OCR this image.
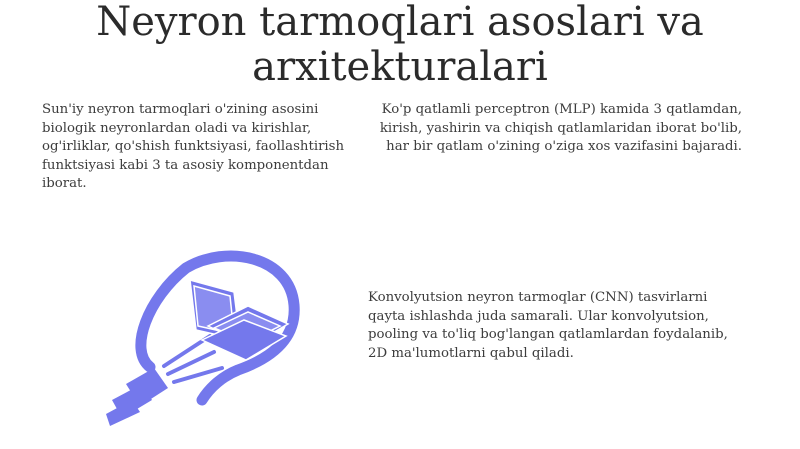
Neyron tarmoqlari asoslari va
arxitekturalari

Sun'iy neyron tarmoqlari o'zining asosini biologik neyronlardan oladi va kirishlar, og'irliklar, qo'shish funktsiyasi, faollashtirish funktsiyasi kabi 3 ta asosiy komponentdan iborat.

Ko'p qatlamli perceptron (MLP) kamida 3 qatlamdan, kirish, yashirin va chiqish qatlamlaridan iborat bo'lib, har bir qatlam o'zining o'ziga xos vazifasini bajaradi.

Konvolyutsion neyron tarmoqlar (CNN) tasvirlarni qayta ishlashda juda samarali. Ular konvolyutsion, pooling va to'liq bog'langan qatlamlardan foydalanib, 2D ma'lumotlarni qabul qiladi.
